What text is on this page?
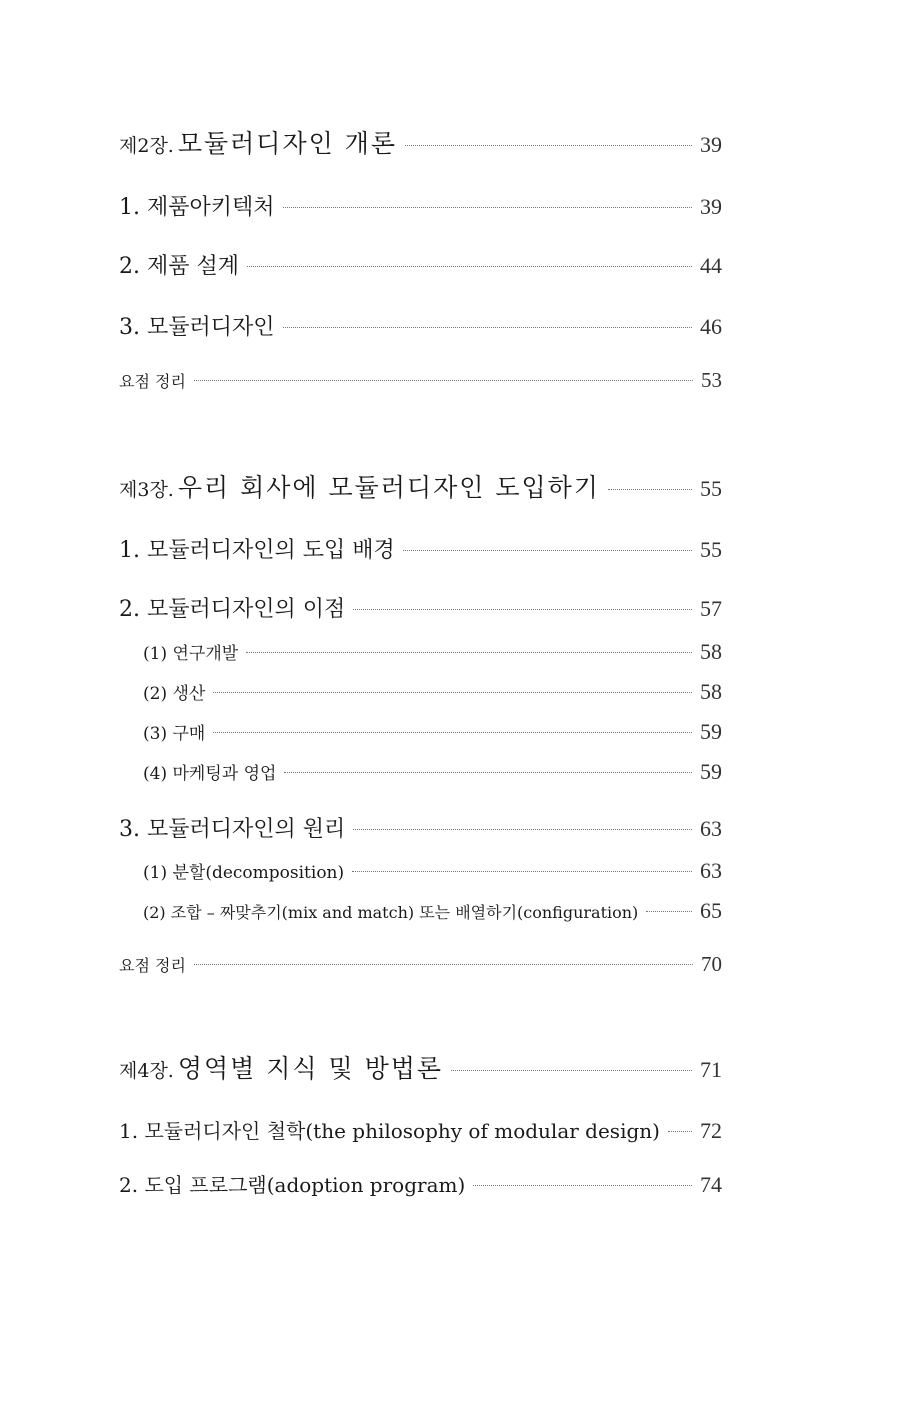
제2장. 모듈러디자인 개론	39
1. 제품아키텍처	39
2. 제품 설계	44
3. 모듈러디자인	46
요점 정리	53
제3장. 우리 회사에 모듈러디자인 도입하기	55
1. 모듈러디자인의 도입 배경	55
2. 모듈러디자인의 이점	57
(1) 연구개발	58
(2) 생산	58
(3) 구매	59
(4) 마케팅과 영업	59
3. 모듈러디자인의 원리	63
(1) 분할(decomposition)	63
(2) 조합 – 짜맞추기(mix and match) 또는 배열하기(configuration)	65
요점 정리	70
제4장. 영역별 지식 및 방법론	71
1. 모듈러디자인 철학(the philosophy of modular design) 72
2. 도입 프로그램(adoption program)	74
